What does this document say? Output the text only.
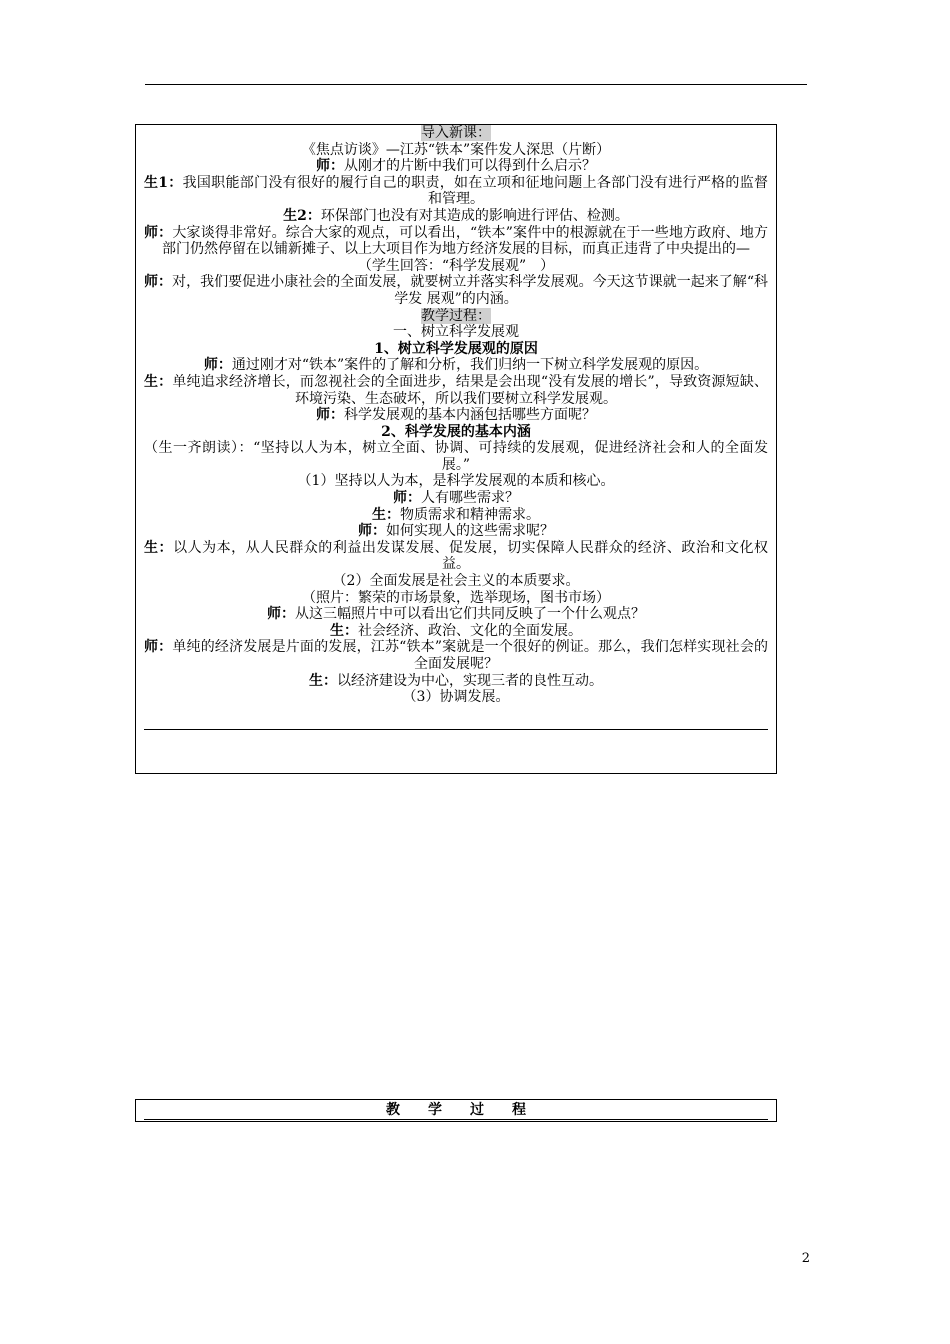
导入新课：

《焦点访谈》—江苏“铁本”案件发人深思（片断）

师：从刚才的片断中我们可以得到什么启示？

生1：我国职能部门没有很好的履行自己的职责，如在立项和征地问题上各部门没有进行严格的监督和管理。

生2：环保部门也没有对其造成的影响进行评估、检测。

师：大家谈得非常好。综合大家的观点，可以看出，“铁本”案件中的根源就在于一些地方政府、地方部门仍然停留在以铺新摊子、以上大项目作为地方经济发展的目标，而真正违背了中央提出的—

（学生回答：“科学发展观”　）

师：对，我们要促进小康社会的全面发展，就要树立并落实科学发展观。今天这节课就一起来了解“科学发 展观”的内涵。

教学过程：

一、树立科学发展观

1、树立科学发展观的原因

师：通过刚才对“铁本”案件的了解和分析，我们归纳一下树立科学发展观的原因。

生：单纯追求经济增长，而忽视社会的全面进步，结果是会出现“没有发展的增长”，导致资源短缺、环境污染、生态破坏，所以我们要树立科学发展观。

师：科学发展观的基本内涵包括哪些方面呢？

2、科学发展的基本内涵

（生一齐朗读）：“坚持以人为本，树立全面、协调、可持续的发展观，促进经济社会和人的全面发展。”

（1）坚持以人为本，是科学发展观的本质和核心。

师：人有哪些需求？

生：物质需求和精神需求。

师：如何实现人的这些需求呢？

生：以人为本，从人民群众的利益出发谋发展、促发展，切实保障人民群众的经济、政治和文化权益。

（2）全面发展是社会主义的本质要求。

（照片：繁荣的市场景象，选举现场，图书市场）

师：从这三幅照片中可以看出它们共同反映了一个什么观点？

生：社会经济、政治、文化的全面发展。

师：单纯的经济发展是片面的发展，江苏“铁本”案就是一个很好的例证。那么，我们怎样实现社会的全面发展呢？

生：以经济建设为中心，实现三者的良性互动。

（3）协调发展。

教学过程
2
